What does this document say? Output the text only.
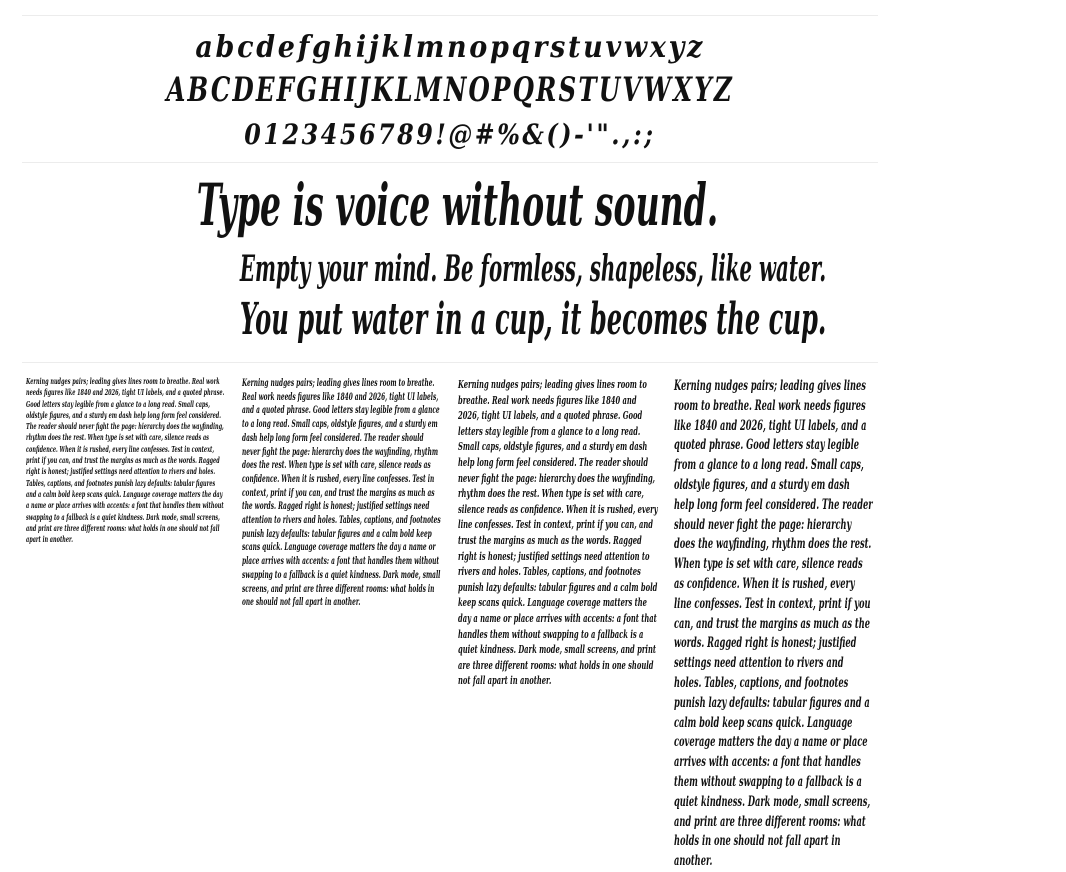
abcdefghijklmnopqrstuvwxyz
ABCDEFGHIJKLMNOPQRSTUVWXYZ
0123456789!@#%&()-'".,:;
Type is voice without sound.
Empty your mind. Be formless, shapeless, like water.
You put water in a cup, it becomes the cup.

Kerning nudges pairs; leading gives lines room to breathe. Real work needs figures like 1840 and 2026, tight UI labels, and a quoted phrase. Good letters stay legible from a glance to a long read. Small caps, oldstyle figures, and a sturdy em dash help long form feel considered. The reader should never fight the page: hierarchy does the wayfinding, rhythm does the rest. When type is set with care, silence reads as confidence. When it is rushed, every line confesses. Test in context, print if you can, and trust the margins as much as the words. Ragged right is honest; justified settings need attention to rivers and holes. Tables, captions, and footnotes punish lazy defaults: tabular figures and a calm bold keep scans quick. Language coverage matters the day a name or place arrives with accents: a font that handles them without swapping to a fallback is a quiet kindness. Dark mode, small screens, and print are three different rooms: what holds in one should not fall apart in another.

Kerning nudges pairs; leading gives lines room to breathe. Real work needs figures like 1840 and 2026, tight UI labels, and a quoted phrase. Good letters stay legible from a glance to a long read. Small caps, oldstyle figures, and a sturdy em dash help long form feel considered. The reader should never fight the page: hierarchy does the wayfinding, rhythm does the rest. When type is set with care, silence reads as confidence. When it is rushed, every line confesses. Test in context, print if you can, and trust the margins as much as the words. Ragged right is honest; justified settings need attention to rivers and holes. Tables, captions, and footnotes punish lazy defaults: tabular figures and a calm bold keep scans quick. Language coverage matters the day a name or place arrives with accents: a font that handles them without swapping to a fallback is a quiet kindness. Dark mode, small screens, and print are three different rooms: what holds in one should not fall apart in another.

Kerning nudges pairs; leading gives lines room to breathe. Real work needs figures like 1840 and 2026, tight UI labels, and a quoted phrase. Good letters stay legible from a glance to a long read. Small caps, oldstyle figures, and a sturdy em dash help long form feel considered. The reader should never fight the page: hierarchy does the wayfinding, rhythm does the rest. When type is set with care, silence reads as confidence. When it is rushed, every line confesses. Test in context, print if you can, and trust the margins as much as the words. Ragged right is honest; justified settings need attention to rivers and holes. Tables, captions, and footnotes punish lazy defaults: tabular figures and a calm bold keep scans quick. Language coverage matters the day a name or place arrives with accents: a font that handles them without swapping to a fallback is a quiet kindness. Dark mode, small screens, and print are three different rooms: what holds in one should not fall apart in another.

Kerning nudges pairs; leading gives lines room to breathe. Real work needs figures like 1840 and 2026, tight UI labels, and a quoted phrase. Good letters stay legible from a glance to a long read. Small caps, oldstyle figures, and a sturdy em dash help long form feel considered. The reader should never fight the page: hierarchy does the wayfinding, rhythm does the rest. When type is set with care, silence reads as confidence. When it is rushed, every line confesses. Test in context, print if you can, and trust the margins as much as the words. Ragged right is honest; justified settings need attention to rivers and holes. Tables, captions, and footnotes punish lazy defaults: tabular figures and a calm bold keep scans quick. Language coverage matters the day a name or place arrives with accents: a font that handles them without swapping to a fallback is a quiet kindness. Dark mode, small screens, and print are three different rooms: what holds in one should not fall apart in another.
